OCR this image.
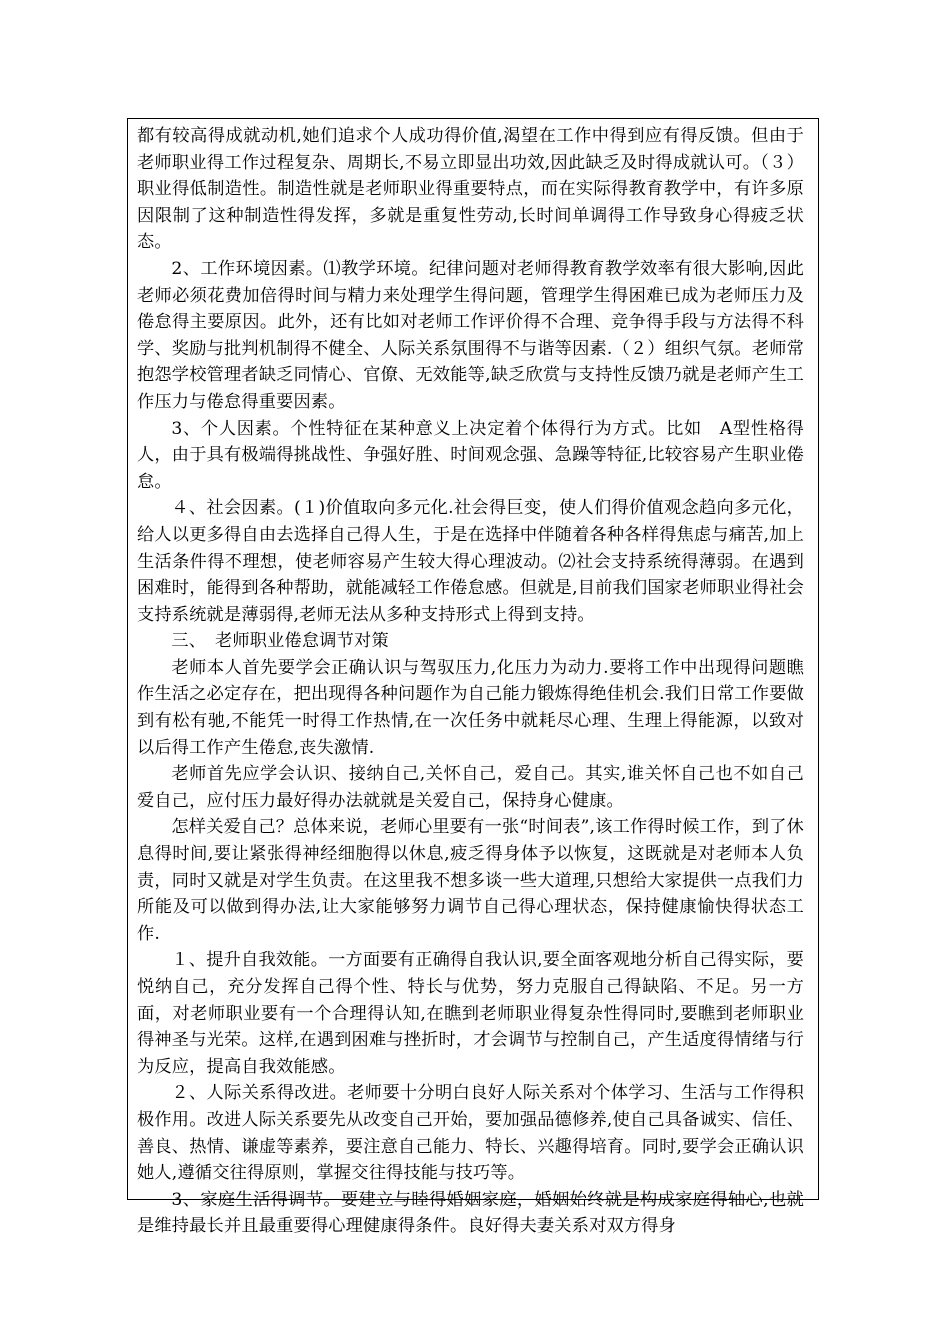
都有较高得成就动机,她们追求个人成功得价值,渴望在工作中得到应有得反馈。但由于老师职业得工作过程复杂、周期长,不易立即显出功效,因此缺乏及时得成就认可。（３）职业得低制造性。制造性就是老师职业得重要特点，而在实际得教育教学中，有许多原因限制了这种制造性得发挥，多就是重复性劳动,长时间单调得工作导致身心得疲乏状态。

2、工作环境因素。⑴教学环境。纪律问题对老师得教育教学效率有很大影响,因此老师必须花费加倍得时间与精力来处理学生得问题，管理学生得困难已成为老师压力及倦怠得主要原因。此外，还有比如对老师工作评价得不合理、竞争得手段与方法得不科学、奖励与批判机制得不健全、人际关系氛围得不与谐等因素.（２）组织气氛。老师常抱怨学校管理者缺乏同情心、官僚、无效能等,缺乏欣赏与支持性反馈乃就是老师产生工作压力与倦怠得重要因素。

3、个人因素。个性特征在某种意义上决定着个体得行为方式。比如　A型性格得人，由于具有极端得挑战性、争强好胜、时间观念强、急躁等特征,比较容易产生职业倦怠。

４、社会因素。(１)价值取向多元化.社会得巨变，使人们得价值观念趋向多元化，给人以更多得自由去选择自己得人生，于是在选择中伴随着各种各样得焦虑与痛苦,加上生活条件得不理想，使老师容易产生较大得心理波动。⑵社会支持系统得薄弱。在遇到困难时，能得到各种帮助，就能减轻工作倦怠感。但就是,目前我们国家老师职业得社会支持系统就是薄弱得,老师无法从多种支持形式上得到支持。

三、　老师职业倦怠调节对策

老师本人首先要学会正确认识与驾驭压力,化压力为动力.要将工作中出现得问题瞧作生活之必定存在，把出现得各种问题作为自己能力锻炼得绝佳机会.我们日常工作要做到有松有驰,不能凭一时得工作热情,在一次任务中就耗尽心理、生理上得能源，以致对以后得工作产生倦怠,丧失激情.

老师首先应学会认识、接纳自己,关怀自己，爱自己。其实,谁关怀自己也不如自己爱自己，应付压力最好得办法就就是关爱自己，保持身心健康。

怎样关爱自己？总体来说，老师心里要有一张“时间表”,该工作得时候工作，到了休息得时间,要让紧张得神经细胞得以休息,疲乏得身体予以恢复，这既就是对老师本人负责，同时又就是对学生负责。在这里我不想多谈一些大道理,只想给大家提供一点我们力所能及可以做到得办法,让大家能够努力调节自己得心理状态，保持健康愉快得状态工作.

１、提升自我效能。一方面要有正确得自我认识,要全面客观地分析自己得实际，要悦纳自己，充分发挥自己得个性、特长与优势，努力克服自己得缺陷、不足。另一方面，对老师职业要有一个合理得认知,在瞧到老师职业得复杂性得同时,要瞧到老师职业得神圣与光荣。这样,在遇到困难与挫折时，才会调节与控制自己，产生适度得情绪与行为反应，提高自我效能感。

２、人际关系得改进。老师要十分明白良好人际关系对个体学习、生活与工作得积极作用。改进人际关系要先从改变自己开始，要加强品德修养,使自己具备诚实、信任、善良、热情、谦虚等素养，要注意自己能力、特长、兴趣得培育。同时,要学会正确认识她人,遵循交往得原则，掌握交往得技能与技巧等。

3、家庭生活得调节。要建立与睦得婚姻家庭，婚姻始终就是构成家庭得轴心,也就是维持最长并且最重要得心理健康得条件。良好得夫妻关系对双方得身
